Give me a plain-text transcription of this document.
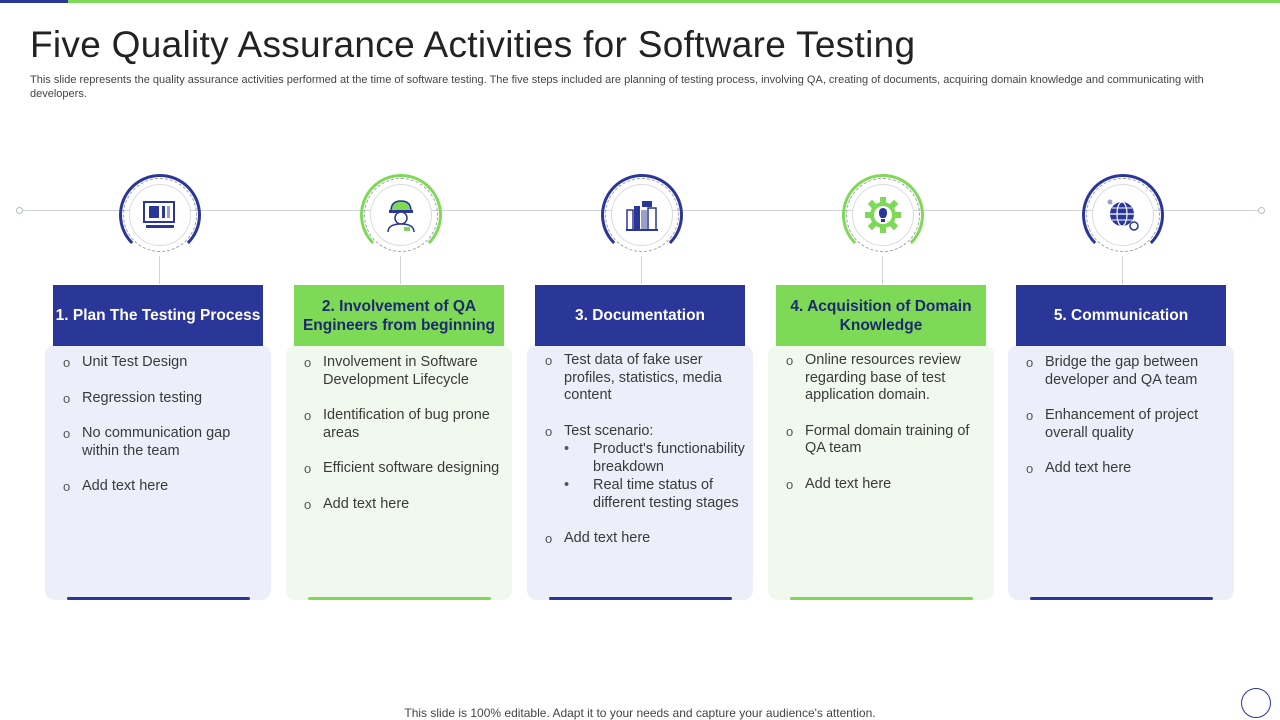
Five Quality Assurance Activities for Software Testing

This slide represents the quality assurance activities performed at the time of software testing. The five steps included are planning of testing process, involving QA, creating of documents, acquiring domain knowledge and communicating with developers.

1. Plan The Testing Process
o Unit Test Design
o Regression testing
o No communication gap within the team
o Add text here
2. Involvement of QA Engineers from beginning
o Involvement in Software Development Lifecycle
o Identification of bug prone areas
o Efficient software designing
o Add text here
3. Documentation
o Test data of fake user profiles, statistics, media content
o Test scenario:
• Product's functionability breakdown
• Real time status of different testing stages
o Add text here
4. Acquisition of Domain Knowledge
o Online resources review regarding base of test application domain.
o Formal domain training of QA team
o Add text here
5. Communication
o Bridge the gap between developer and QA team
o Enhancement of project overall quality
o Add text here
This slide is 100% editable. Adapt it to your needs and capture your audience's attention.
